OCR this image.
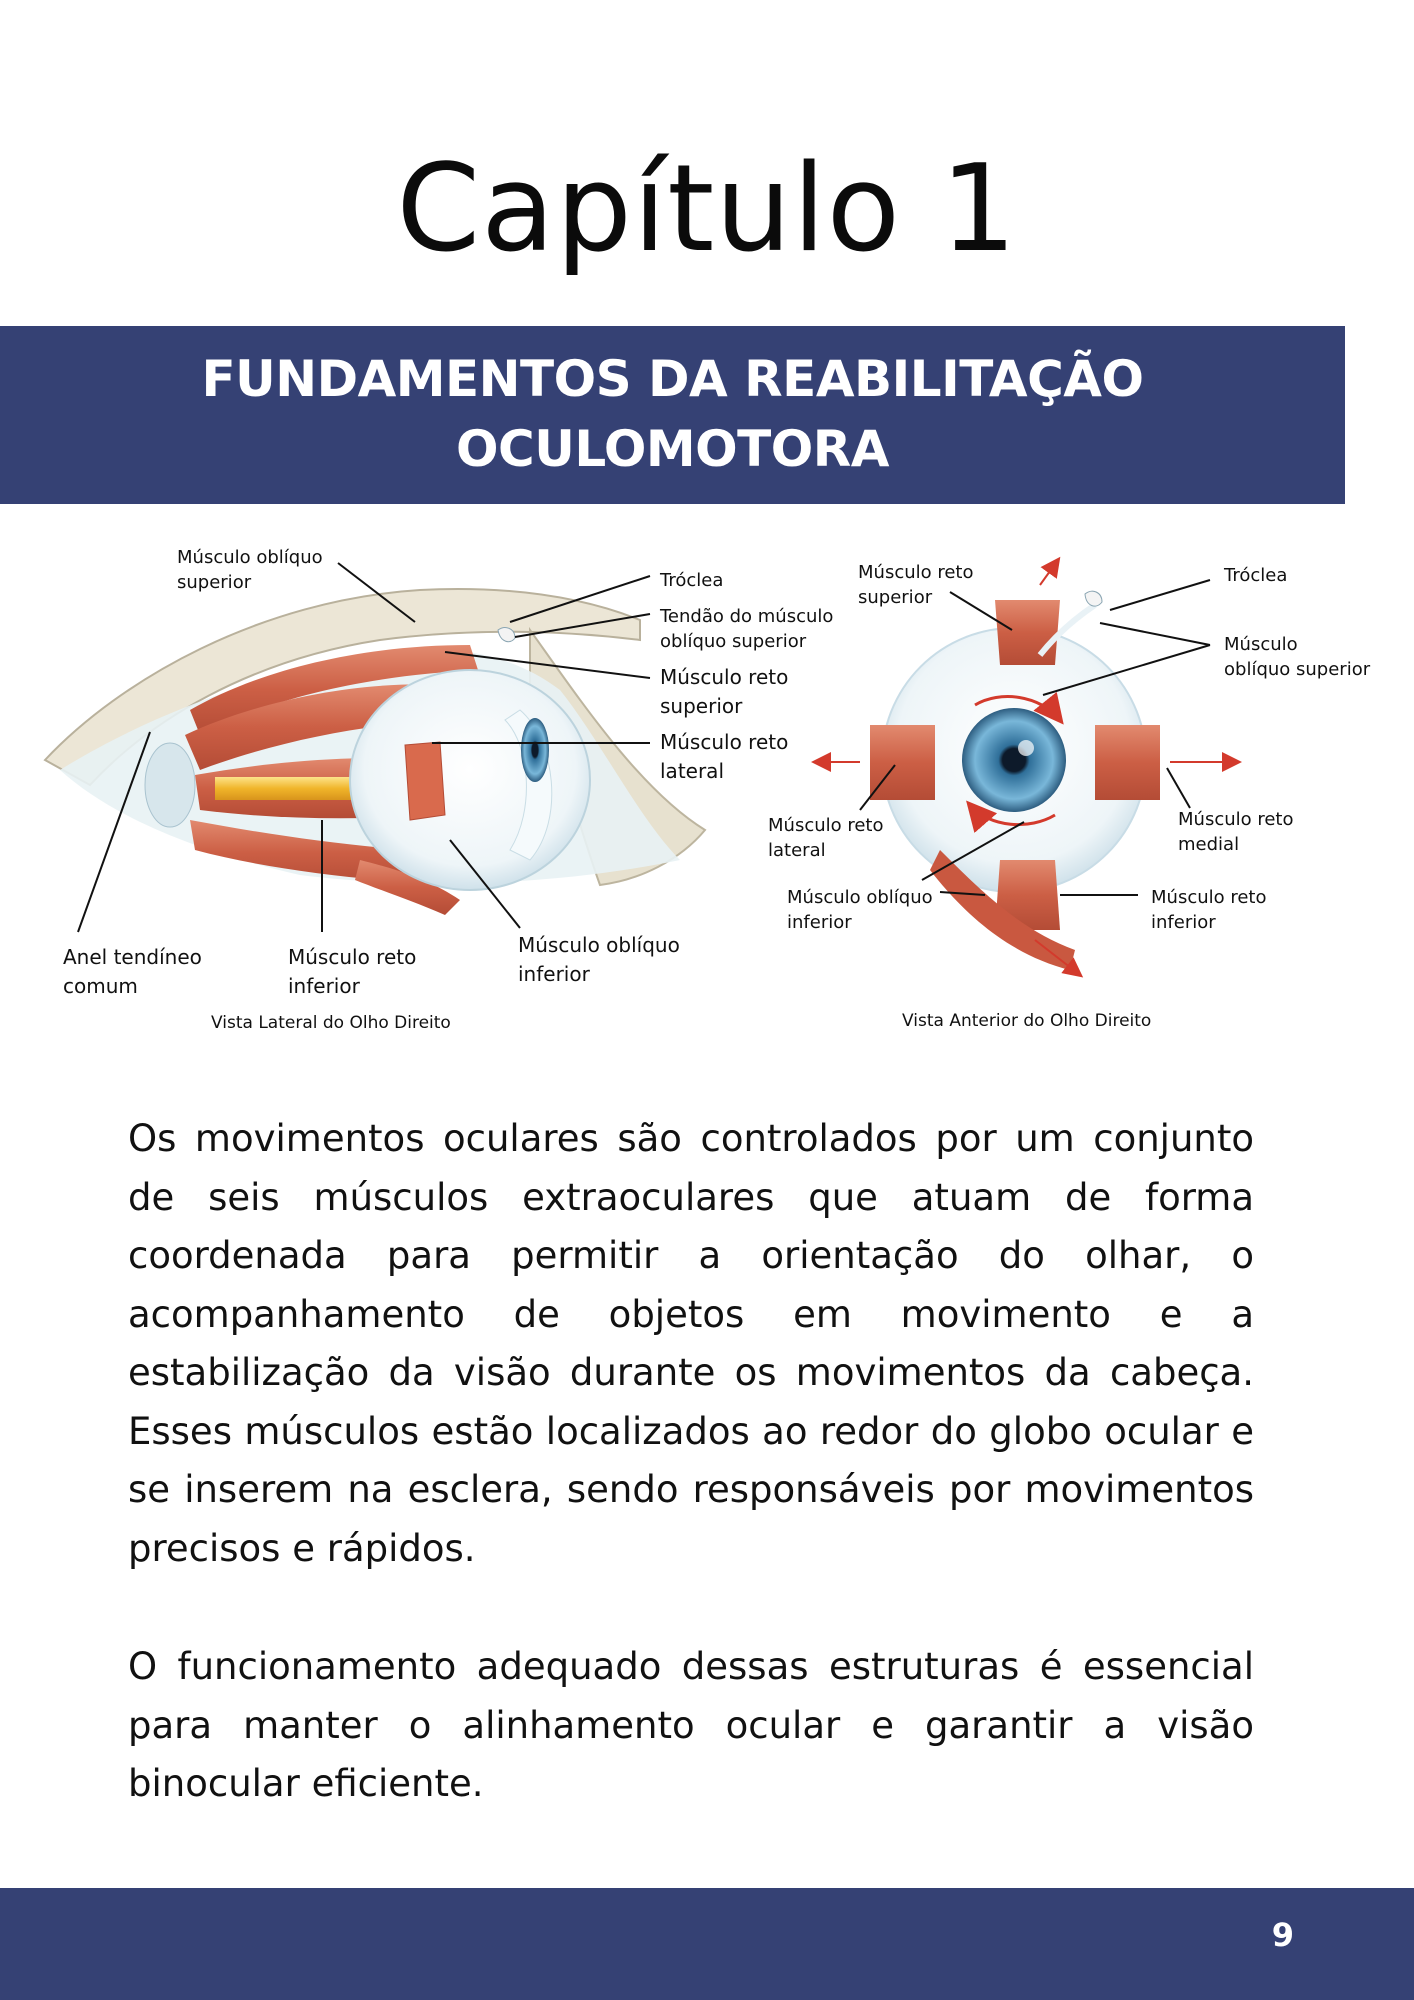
Capítulo 1
FUNDAMENTOS DA REABILITAÇÃO
OCULOMOTORA
Músculo oblíquo
superior	Tróclea
Tendão do músculo
oblíquo superior
Músculo reto
superior
Músculo reto
lateral
Anel tendíneo
comum
Músculo reto
inferior
Músculo oblíquo
inferior
Vista Lateral do Olho Direito
Músculo reto
superior
Tróclea
Músculo
oblíquo superior
Músculo reto
lateral
Músculo reto
medial
Músculo oblíquo
inferior
Músculo reto
inferior
Vista Anterior do Olho Direito

Os movimentos oculares são controlados por um conjunto de seis músculos extraoculares que atuam de forma coordenada para permitir a orientação do olhar, o acompanhamento de objetos em movimento e a estabilização da visão durante os movimentos da cabeça. Esses músculos estão localizados ao redor do globo ocular e se inserem na esclera, sendo responsáveis por movimentos precisos e rápidos.

O funcionamento adequado dessas estruturas é essencial para manter o alinhamento ocular e garantir a visão binocular eficiente.

9
